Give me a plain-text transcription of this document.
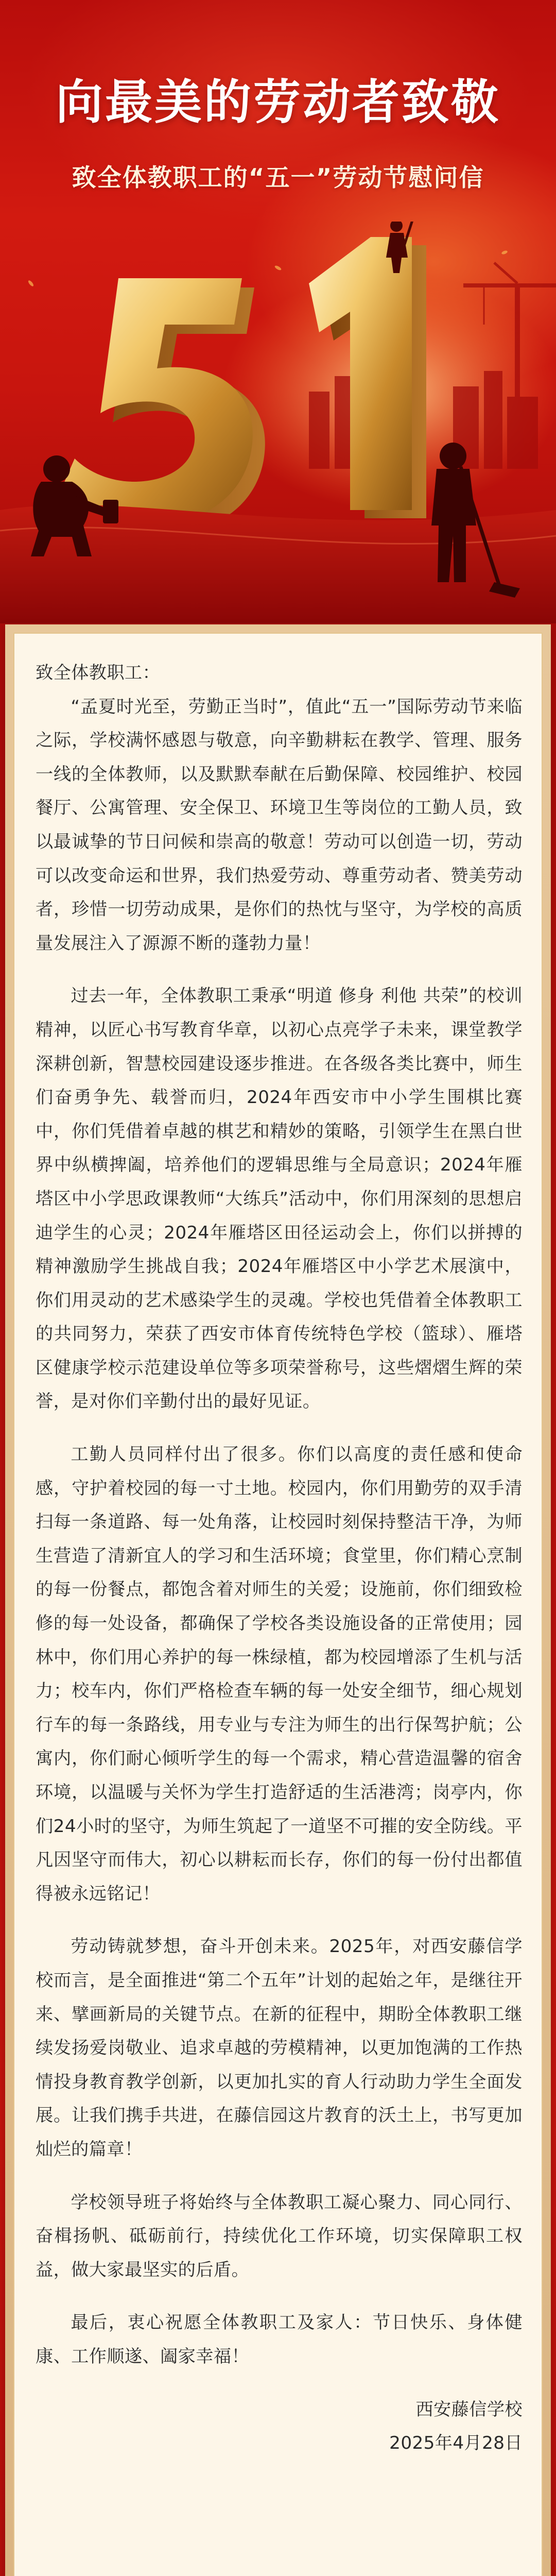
向最美的劳动者致敬
致全体教职工的“五一”劳动节慰问信

致全体教职工：

“孟夏时光至，劳勤正当时”，值此“五一”国际劳动节来临之际，学校满怀感恩与敬意，向辛勤耕耘在教学、管理、服务一线的全体教师，以及默默奉献在后勤保障、校园维护、校园餐厅、公寓管理、安全保卫、环境卫生等岗位的工勤人员，致以最诚挚的节日问候和崇高的敬意！劳动可以创造一切，劳动可以改变命运和世界，我们热爱劳动、尊重劳动者、赞美劳动者，珍惜一切劳动成果，是你们的热忱与坚守，为学校的高质量发展注入了源源不断的蓬勃力量！

过去一年，全体教职工秉承“明道 修身 利他 共荣”的校训精神，以匠心书写教育华章，以初心点亮学子未来，课堂教学深耕创新，智慧校园建设逐步推进。在各级各类比赛中，师生们奋勇争先、载誉而归，2024年西安市中小学生围棋比赛中，你们凭借着卓越的棋艺和精妙的策略，引领学生在黑白世界中纵横捭阖，培养他们的逻辑思维与全局意识；2024年雁塔区中小学思政课教师“大练兵”活动中，你们用深刻的思想启迪学生的心灵；2024年雁塔区田径运动会上，你们以拼搏的精神激励学生挑战自我；2024年雁塔区中小学艺术展演中，你们用灵动的艺术感染学生的灵魂。学校也凭借着全体教职工的共同努力，荣获了西安市体育传统特色学校（篮球）、雁塔区健康学校示范建设单位等多项荣誉称号，这些熠熠生辉的荣誉，是对你们辛勤付出的最好见证。

工勤人员同样付出了很多。你们以高度的责任感和使命感，守护着校园的每一寸土地。校园内，你们用勤劳的双手清扫每一条道路、每一处角落，让校园时刻保持整洁干净，为师生营造了清新宜人的学习和生活环境；食堂里，你们精心烹制的每一份餐点，都饱含着对师生的关爱；设施前，你们细致检修的每一处设备，都确保了学校各类设施设备的正常使用；园林中，你们用心养护的每一株绿植，都为校园增添了生机与活力；校车内，你们严格检查车辆的每一处安全细节，细心规划行车的每一条路线，用专业与专注为师生的出行保驾护航；公寓内，你们耐心倾听学生的每一个需求，精心营造温馨的宿舍环境，以温暖与关怀为学生打造舒适的生活港湾；岗亭内，你们24小时的坚守，为师生筑起了一道坚不可摧的安全防线。平凡因坚守而伟大，初心以耕耘而长存，你们的每一份付出都值得被永远铭记！

劳动铸就梦想，奋斗开创未来。2025年，对西安藤信学校而言，是全面推进“第二个五年”计划的起始之年，是继往开来、擘画新局的关键节点。在新的征程中，期盼全体教职工继续发扬爱岗敬业、追求卓越的劳模精神，以更加饱满的工作热情投身教育教学创新，以更加扎实的育人行动助力学生全面发展。让我们携手共进，在藤信园这片教育的沃土上，书写更加灿烂的篇章！

学校领导班子将始终与全体教职工凝心聚力、同心同行、奋楫扬帆、砥砺前行，持续优化工作环境，切实保障职工权益，做大家最坚实的后盾。

最后，衷心祝愿全体教职工及家人：节日快乐、身体健康、工作顺遂、阖家幸福！

西安藤信学校

2025年4月28日
